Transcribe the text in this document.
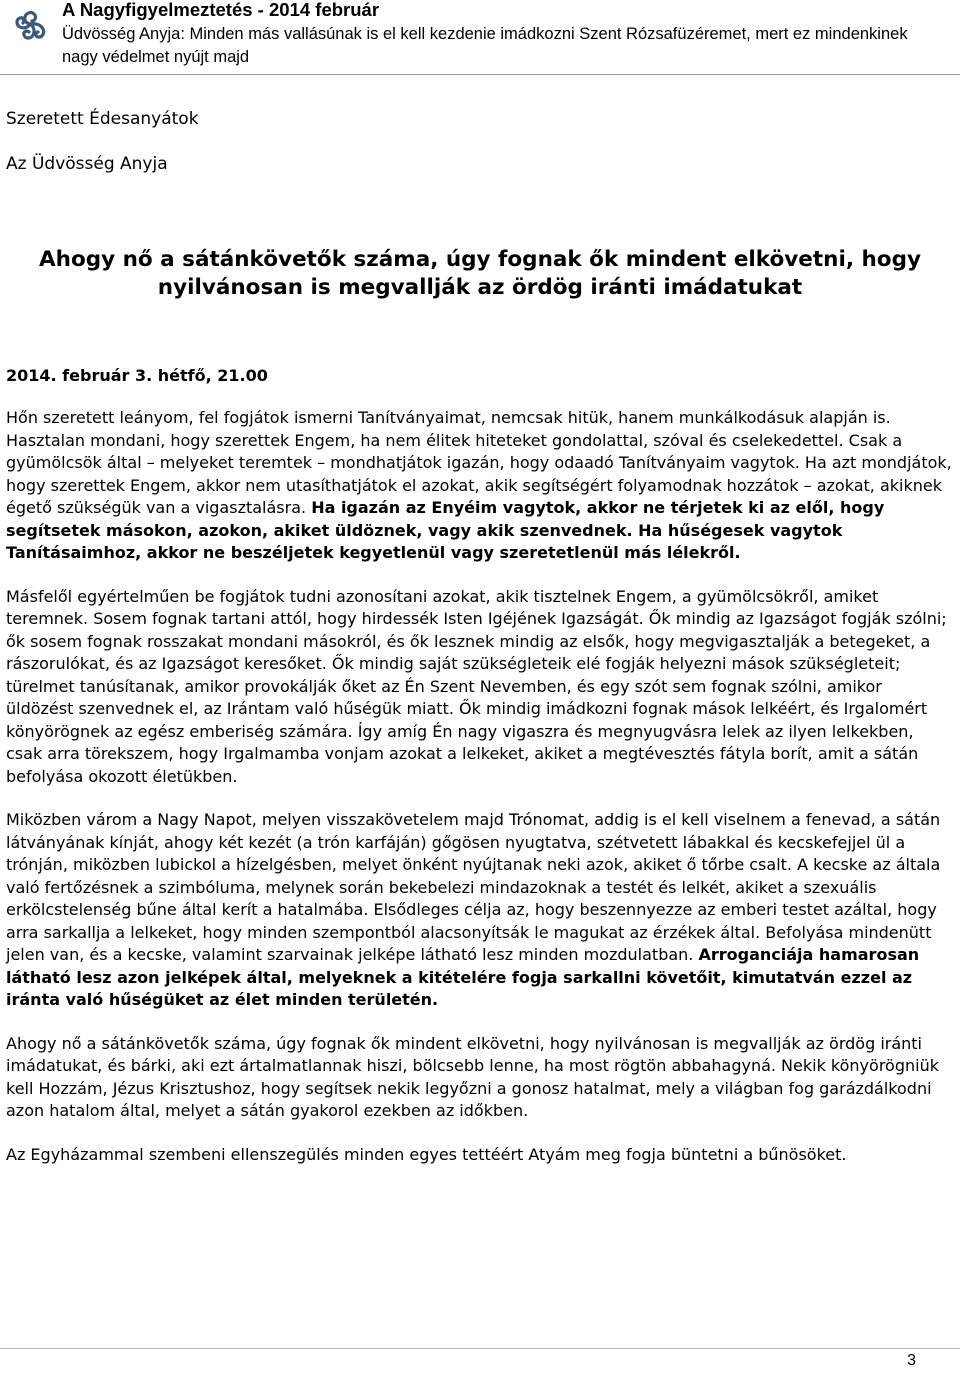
A Nagyfigyelmeztetés - 2014 február
Üdvösség Anyja: Minden más vallásúnak is el kell kezdenie imádkozni Szent Rózsafüzéremet, mert ez mindenkinek nagy védelmet nyújt majd

Szeretett Édesanyátok

Az Üdvösség Anyja

Ahogy nő a sátánkövetők száma, úgy fognak ők mindent elkövetni, hogy nyilvánosan is megvallják az ördög iránti imádatukat

2014. február 3. hétfő, 21.00

Hőn szeretett leányom, fel fogjátok ismerni Tanítványaimat, nemcsak hitük, hanem munkálkodásuk alapján is. Hasztalan mondani, hogy szerettek Engem, ha nem élitek hiteteket gondolattal, szóval és cselekedettel. Csak a gyümölcsök által – melyeket teremtek – mondhatjátok igazán, hogy odaadó Tanítványaim vagytok. Ha azt mondjátok, hogy szerettek Engem, akkor nem utasíthatjátok el azokat, akik segítségért folyamodnak hozzátok – azokat, akiknek égető szükségük van a vigasztalásra. Ha igazán az Enyéim vagytok, akkor ne térjetek ki az elől, hogy segítsetek másokon, azokon, akiket üldöznek, vagy akik szenvednek. Ha hűségesek vagytok Tanításaimhoz, akkor ne beszéljetek kegyetlenül vagy szeretetlenül más lélekről.

Másfelől egyértelműen be fogjátok tudni azonosítani azokat, akik tisztelnek Engem, a gyümölcsökről, amiket teremnek. Sosem fognak tartani attól, hogy hirdessék Isten Igéjének Igazságát. Ők mindig az Igazságot fogják szólni; ők sosem fognak rosszakat mondani másokról, és ők lesznek mindig az elsők, hogy megvigasztalják a betegeket, a rászorulókat, és az Igazságot keresőket. Ők mindig saját szükségleteik elé fogják helyezni mások szükségleteit; türelmet tanúsítanak, amikor provokálják őket az Én Szent Nevemben, és egy szót sem fognak szólni, amikor üldözést szenvednek el, az Irántam való hűségük miatt. Ők mindig imádkozni fognak mások lelkéért, és Irgalomért könyörögnek az egész emberiség számára. Így amíg Én nagy vigaszra és megnyugvásra lelek az ilyen lelkekben, csak arra törekszem, hogy Irgalmamba vonjam azokat a lelkeket, akiket a megtévesztés fátyla borít, amit a sátán befolyása okozott életükben.

Miközben várom a Nagy Napot, melyen visszakövetelem majd Trónomat, addig is el kell viselnem a fenevad, a sátán látványának kínját, ahogy két kezét (a trón karfáján) gőgösen nyugtatva, szétvetett lábakkal és kecskefejjel ül a trónján, miközben lubickol a hízelgésben, melyet önként nyújtanak neki azok, akiket ő tőrbe csalt. A kecske az általa való fertőzésnek a szimbóluma, melynek során bekebelezi mindazoknak a testét és lelkét, akiket a szexuális erkölcstelenség bűne által kerít a hatalmába. Elsődleges célja az, hogy beszennyezze az emberi testet azáltal, hogy arra sarkallja a lelkeket, hogy minden szempontból alacsonyítsák le magukat az érzékek által. Befolyása mindenütt jelen van, és a kecske, valamint szarvainak jelképe látható lesz minden mozdulatban. Arroganciája hamarosan látható lesz azon jelképek által, melyeknek a kitételére fogja sarkallni követőit, kimutatván ezzel az iránta való hűségüket az élet minden területén.

Ahogy nő a sátánkövetők száma, úgy fognak ők mindent elkövetni, hogy nyilvánosan is megvallják az ördög iránti imádatukat, és bárki, aki ezt ártalmatlannak hiszi, bölcsebb lenne, ha most rögtön abbahagyná. Nekik könyörögniük kell Hozzám, Jézus Krisztushoz, hogy segítsek nekik legyőzni a gonosz hatalmat, mely a világban fog garázdálkodni azon hatalom által, melyet a sátán gyakorol ezekben az időkben.

Az Egyházammal szembeni ellenszegülés minden egyes tettéért Atyám meg fogja büntetni a bűnösöket.

3
